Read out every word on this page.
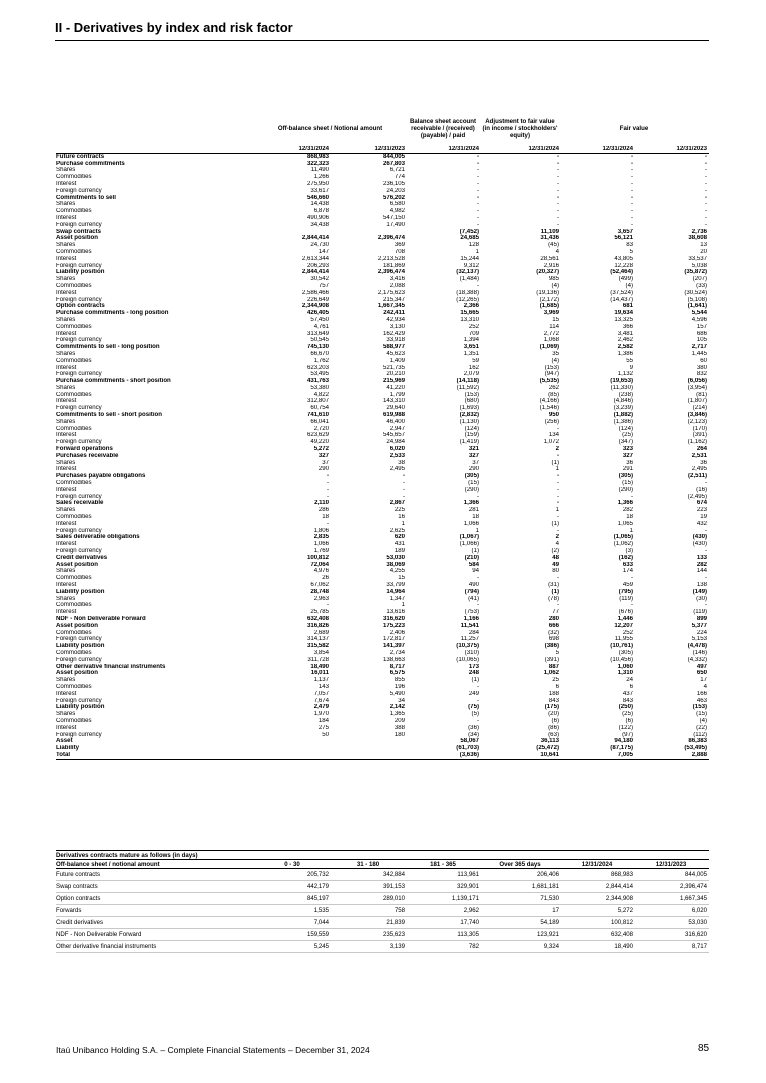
II - Derivatives by index and risk factor
	Off-balance sheet / Notional amount		Balance sheet account receivable / (received) (payable) / paid	Adjustment to fair value (in income / stockholders' equity)	Fair value	
	12/31/2024	12/31/2023	12/31/2024	12/31/2024	12/31/2024	12/31/2023
Future contracts	868,983	844,005	-	-	-	-
Purchase commitments	322,323	267,803	-	-	-	-
Shares	11,490	6,721	-	-	-	-
Commodities	1,266	774	-	-	-	-
Interest	275,950	236,105	-	-	-	-
Foreign currency	33,617	24,203	-	-	-	-
Commitments to sell	546,660	576,202	-	-	-	-
Shares	14,438	6,580	-	-	-	-
Commodities	6,878	4,982	-	-	-	-
Interest	490,906	547,150	-	-	-	-
Foreign currency	34,438	17,490	-	-	-	-
Swap contracts			(7,452)	11,109	3,657	2,736
Asset position	2,844,414	2,396,474	24,685	31,436	56,121	38,608
Shares	24,730	369	128	(45)	83	13
Commodities	147	708	1	4	5	20
Interest	2,613,344	2,213,528	15,244	28,561	43,805	33,537
Foreign currency	206,293	181,869	9,312	2,916	12,228	5,038
Liability position	2,844,414	2,396,474	(32,137)	(20,327)	(52,464)	(35,872)
Shares	30,542	3,416	(1,484)	985	(499)	(207)
Commodities	757	2,088	-	(4)	(4)	(33)
Interest	2,586,466	2,175,623	(18,388)	(19,136)	(37,524)	(30,524)
Foreign currency	226,649	215,347	(12,265)	(2,172)	(14,437)	(5,108)
Option contracts	2,344,908	1,667,345	2,366	(1,685)	681	(1,641)
Purchase commitments - long position	426,405	242,411	15,665	3,969	19,634	5,544
Shares	57,450	42,934	13,310	15	13,325	4,596
Commodities	4,761	3,130	252	114	366	157
Interest	313,649	162,429	709	2,772	3,481	686
Foreign currency	50,545	33,918	1,394	1,068	2,462	105
Commitments to sell - long position	745,130	588,977	3,651	(1,069)	2,582	2,717
Shares	66,670	45,623	1,351	35	1,386	1,445
Commodities	1,762	1,409	59	(4)	55	60
Interest	623,203	521,735	162	(153)	9	380
Foreign currency	53,495	20,210	2,079	(947)	1,132	832
Purchase commitments - short position	431,763	215,969	(14,118)	(5,535)	(19,653)	(6,056)
Shares	53,380	41,220	(11,592)	262	(11,330)	(3,954)
Commodities	4,822	1,799	(153)	(85)	(238)	(81)
Interest	312,807	143,310	(680)	(4,166)	(4,846)	(1,807)
Foreign currency	60,754	29,640	(1,693)	(1,546)	(3,239)	(214)
Commitments to sell - short position	741,610	619,988	(2,832)	950	(1,882)	(3,846)
Shares	66,041	46,400	(1,130)	(256)	(1,386)	(2,123)
Commodities	2,720	2,947	(124)	-	(124)	(170)
Interest	623,629	545,657	(159)	134	(25)	(391)
Foreign currency	49,220	24,984	(1,419)	1,072	(347)	(1,162)
Forward operations	5,272	6,020	321	2	323	264
Purchases receivable	327	2,533	327	-	327	2,531
Shares	37	38	37	(1)	36	36
Interest	290	2,495	290	1	291	2,495
Purchases payable obligations	-	-	(305)	-	(305)	(2,511)
Commodities	-	-	(15)	-	(15)	-
Interest	-	-	(290)	-	(290)	(16)
Foreign currency	-	-	-	-	-	(2,495)
Sales receivable	2,110	2,867	1,366	-	1,366	674
Shares	286	225	281	1	282	223
Commodities	18	16	18	-	18	19
Interest	-	1	1,066	(1)	1,065	432
Foreign currency	1,806	2,625	1	-	1	-
Sales deliverable obligations	2,835	620	(1,067)	2	(1,065)	(430)
Interest	1,066	431	(1,066)	4	(1,062)	(430)
Foreign currency	1,769	189	(1)	(2)	(3)	-
Credit derivatives	100,812	53,030	(210)	48	(162)	133
Asset position	72,064	38,069	584	49	633	282
Shares	4,976	4,255	94	80	174	144
Commodities	26	15	-	-	-	-
Interest	67,062	33,799	490	(31)	459	138
Liability position	28,748	14,964	(794)	(1)	(795)	(149)
Shares	2,963	1,347	(41)	(78)	(119)	(30)
Commodities	-	1	-	-	-	-
Interest	25,785	13,616	(753)	77	(676)	(119)
NDF - Non Deliverable Forward	632,408	316,620	1,166	280	1,446	899
Asset position	316,826	175,223	11,541	666	12,207	5,377
Commodities	2,689	2,406	284	(32)	252	224
Foreign currency	314,137	172,817	11,257	698	11,955	5,153
Liability position	315,582	141,397	(10,375)	(386)	(10,761)	(4,478)
Commodities	3,854	2,734	(310)	5	(305)	(146)
Foreign currency	311,728	138,663	(10,065)	(391)	(10,456)	(4,332)
Other derivative financial instruments	18,490	8,717	173	887	1,060	497
Asset position	16,011	6,575	248	1,062	1,310	650
Shares	1,137	855	(1)	25	24	17
Commodities	143	196	-	6	6	4
Interest	7,057	5,490	249	188	437	166
Foreign currency	7,674	34	-	843	843	463
Liability position	2,479	2,142	(75)	(175)	(250)	(153)
Shares	1,970	1,365	(5)	(20)	(25)	(15)
Commodities	184	209	-	(6)	(6)	(4)
Interest	275	388	(36)	(86)	(122)	(22)
Foreign currency	50	180	(34)	(63)	(97)	(112)
Asset			58,067	36,113	94,180	86,383
Liability			(61,703)	(25,472)	(87,175)	(53,495)
Total			(3,636)	10,641	7,005	2,888
Derivatives contracts mature as follows (in days)						
Off-balance sheet / notional amount	0 - 30	31 - 180	181 - 365	Over 365 days	12/31/2024	12/31/2023
Future contracts	205,732	342,884	113,961	206,406	868,983	844,005
Swap contracts	442,179	391,153	329,901	1,681,181	2,844,414	2,396,474
Option contracts	845,197	289,010	1,139,171	71,530	2,344,908	1,667,345
Forwards	1,535	758	2,962	17	5,272	6,020
Credit derivatives	7,044	21,839	17,740	54,189	100,812	53,030
NDF - Non Deliverable Forward	159,559	235,623	113,305	123,921	632,408	316,620
Other derivative financial instruments	5,245	3,139	782	9,324	18,490	8,717
Itaú Unibanco Holding S.A. – Complete Financial Statements – December 31, 2024	85
